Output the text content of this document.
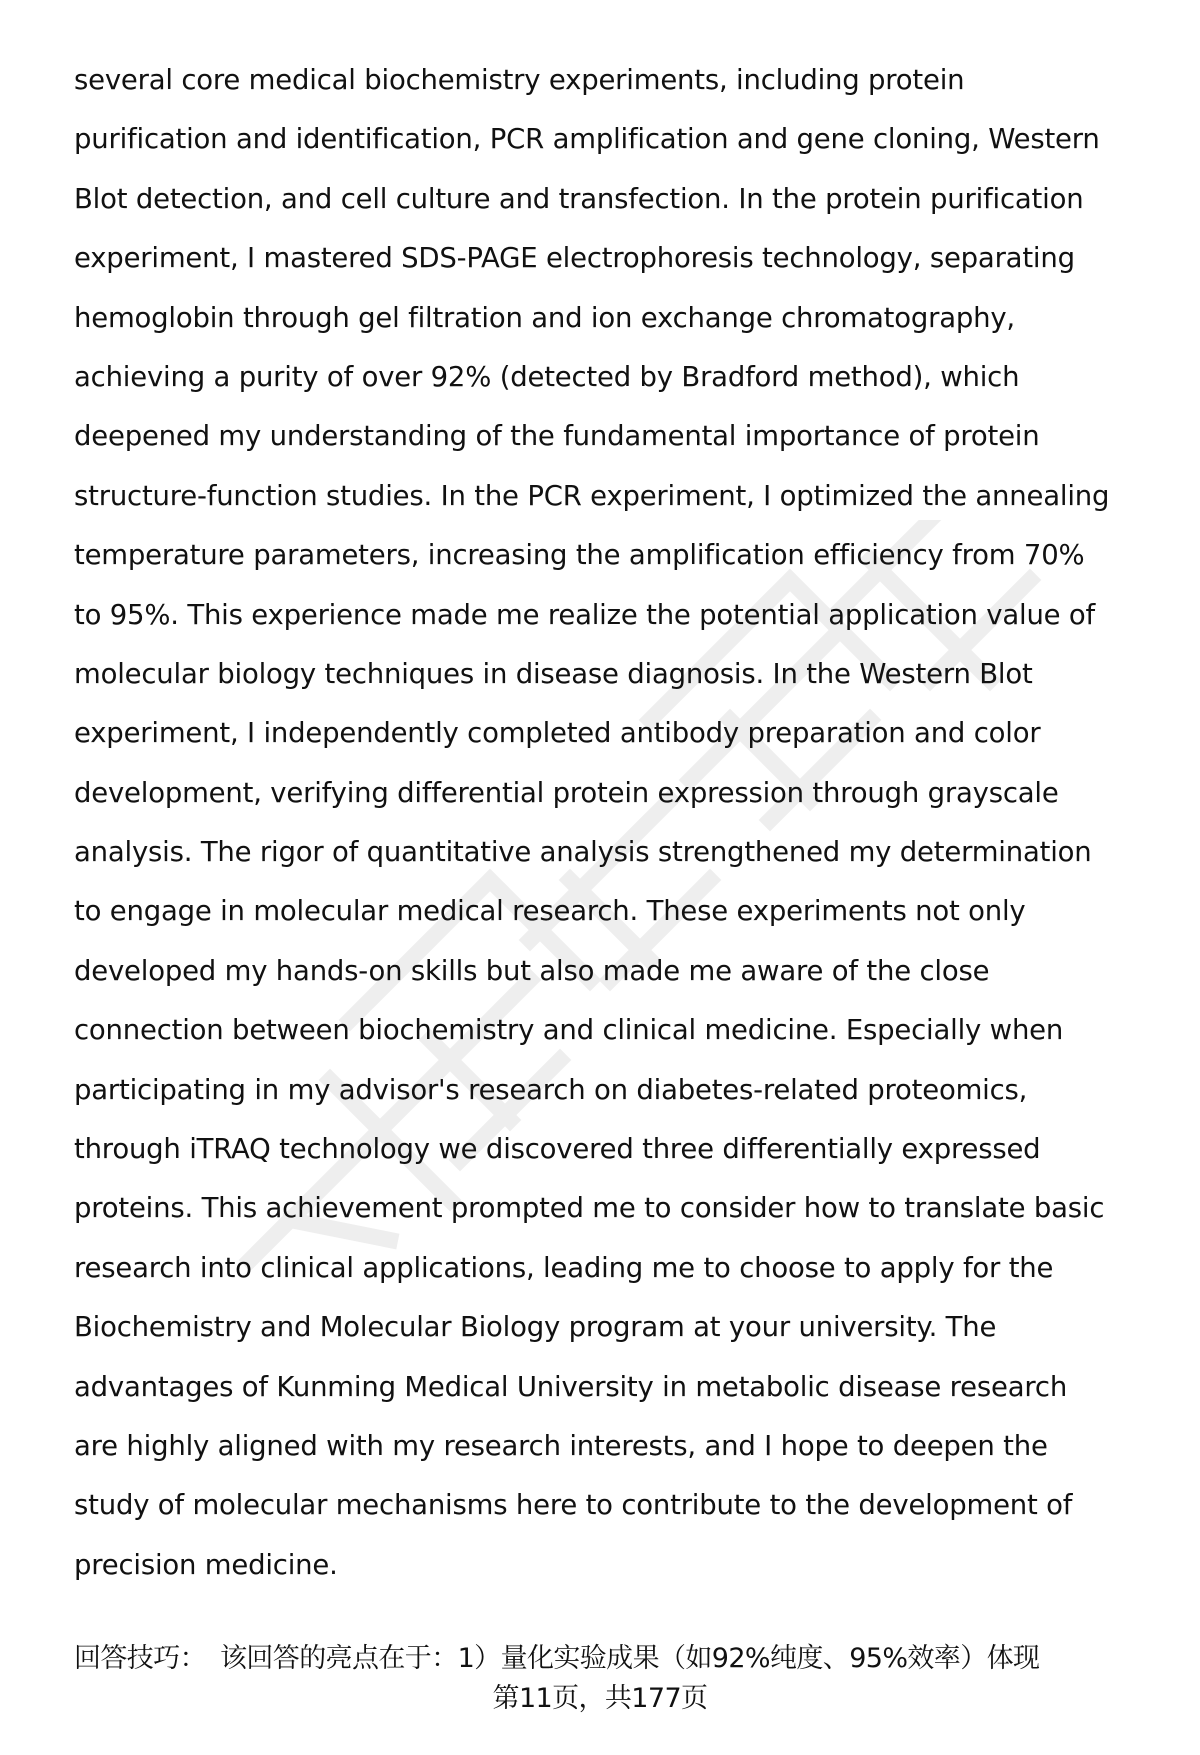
several core medical biochemistry experiments, including protein
purification and identification, PCR amplification and gene cloning, Western
Blot detection, and cell culture and transfection. In the protein purification
experiment, I mastered SDS-PAGE electrophoresis technology, separating
hemoglobin through gel filtration and ion exchange chromatography,
achieving a purity of over 92% (detected by Bradford method), which
deepened my understanding of the fundamental importance of protein
structure-function studies. In the PCR experiment, I optimized the annealing
temperature parameters, increasing the amplification efficiency from 70%
to 95%. This experience made me realize the potential application value of
molecular biology techniques in disease diagnosis. In the Western Blot
experiment, I independently completed antibody preparation and color
development, verifying differential protein expression through grayscale
analysis. The rigor of quantitative analysis strengthened my determination
to engage in molecular medical research. These experiments not only
developed my hands-on skills but also made me aware of the close
connection between biochemistry and clinical medicine. Especially when
participating in my advisor's research on diabetes-related proteomics,
through iTRAQ technology we discovered three differentially expressed
proteins. This achievement prompted me to consider how to translate basic
research into clinical applications, leading me to choose to apply for the
Biochemistry and Molecular Biology program at your university. The
advantages of Kunming Medical University in metabolic disease research
are highly aligned with my research interests, and I hope to deepen the
study of molecular mechanisms here to contribute to the development of
precision medicine.
回答技巧： 该回答的亮点在于：1）量化实验成果（如92%纯度、95%效率）体现
第11页，共177页
